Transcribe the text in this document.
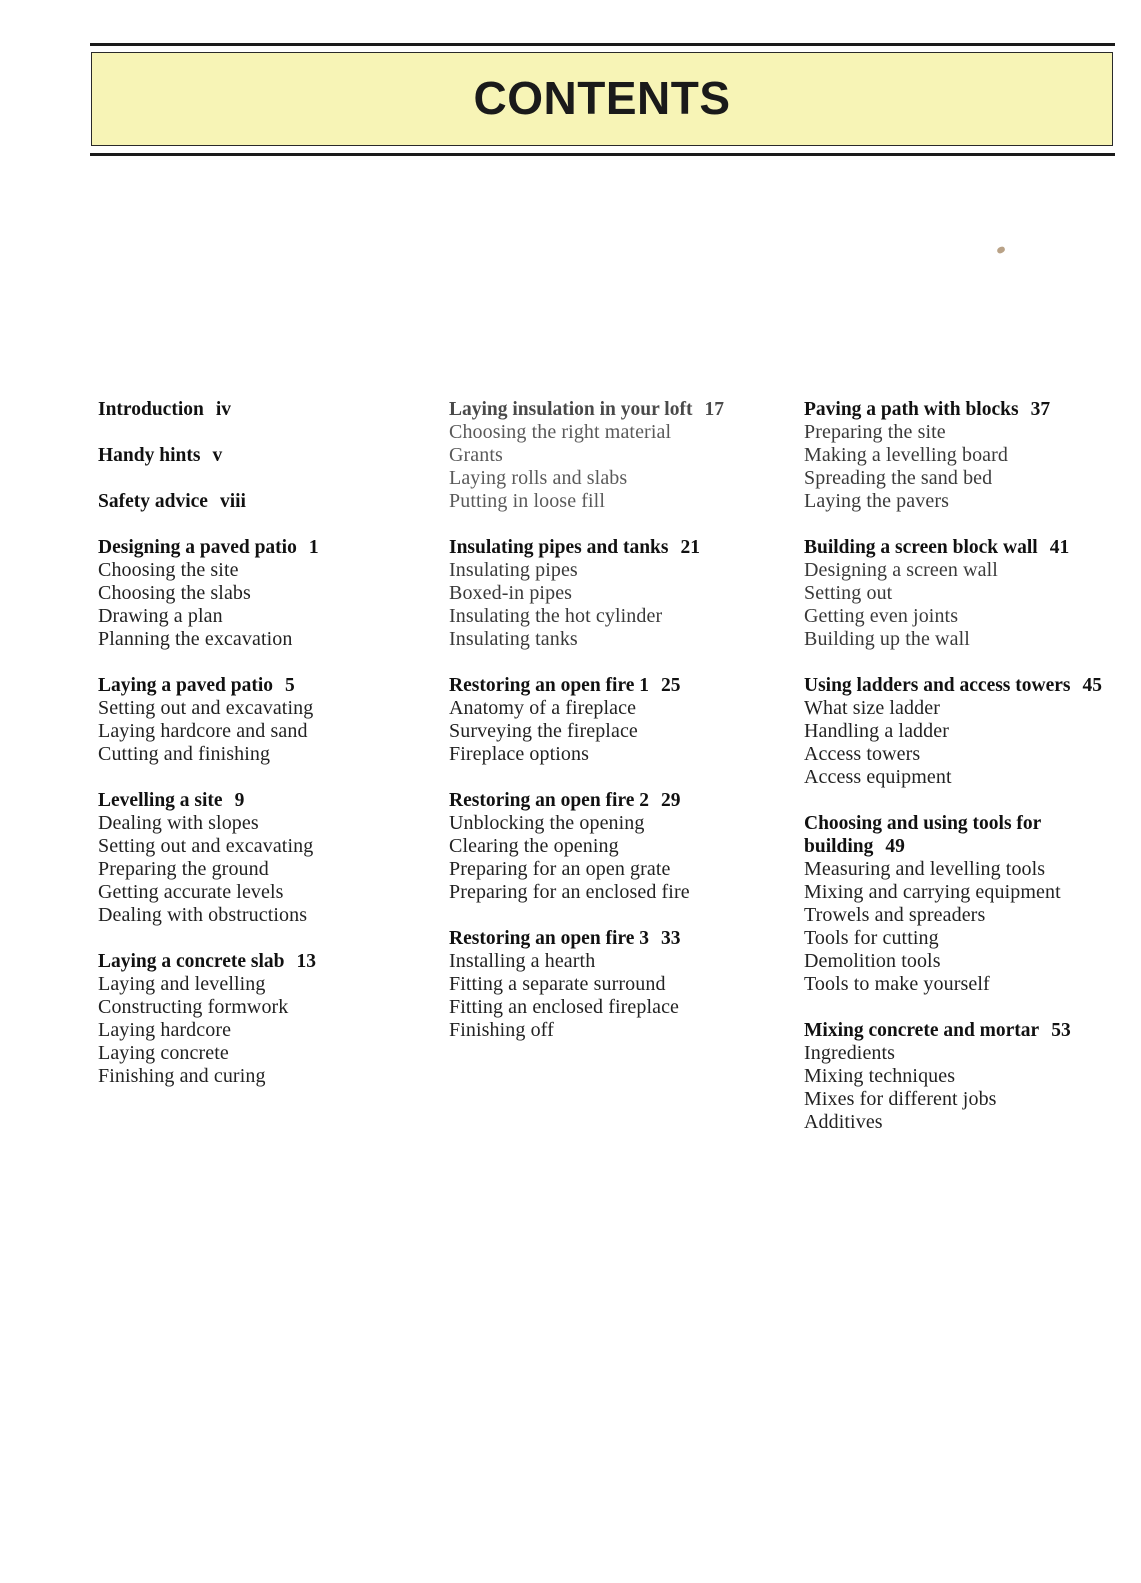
CONTENTS
Introduction iv
Handy hints v
Safety advice viii
Designing a paved patio 1
Choosing the site
Choosing the slabs
Drawing a plan
Planning the excavation
Laying a paved patio 5
Setting out and excavating
Laying hardcore and sand
Cutting and finishing
Levelling a site 9
Dealing with slopes
Setting out and excavating
Preparing the ground
Getting accurate levels
Dealing with obstructions
Laying a concrete slab 13
Laying and levelling
Constructing formwork
Laying hardcore
Laying concrete
Finishing and curing
Laying insulation in your loft 17
Choosing the right material
Grants
Laying rolls and slabs
Putting in loose fill
Insulating pipes and tanks 21
Insulating pipes
Boxed-in pipes
Insulating the hot cylinder
Insulating tanks
Restoring an open fire 1 25
Anatomy of a fireplace
Surveying the fireplace
Fireplace options
Restoring an open fire 2 29
Unblocking the opening
Clearing the opening
Preparing for an open grate
Preparing for an enclosed fire
Restoring an open fire 3 33
Installing a hearth
Fitting a separate surround
Fitting an enclosed fireplace
Finishing off
Paving a path with blocks 37
Preparing the site
Making a levelling board
Spreading the sand bed
Laying the pavers
Building a screen block wall 41
Designing a screen wall
Setting out
Getting even joints
Building up the wall
Using ladders and access towers 45
What size ladder
Handling a ladder
Access towers
Access equipment
Choosing and using tools for building 49
Measuring and levelling tools
Mixing and carrying equipment
Trowels and spreaders
Tools for cutting
Demolition tools
Tools to make yourself
Mixing concrete and mortar 53
Ingredients
Mixing techniques
Mixes for different jobs
Additives
